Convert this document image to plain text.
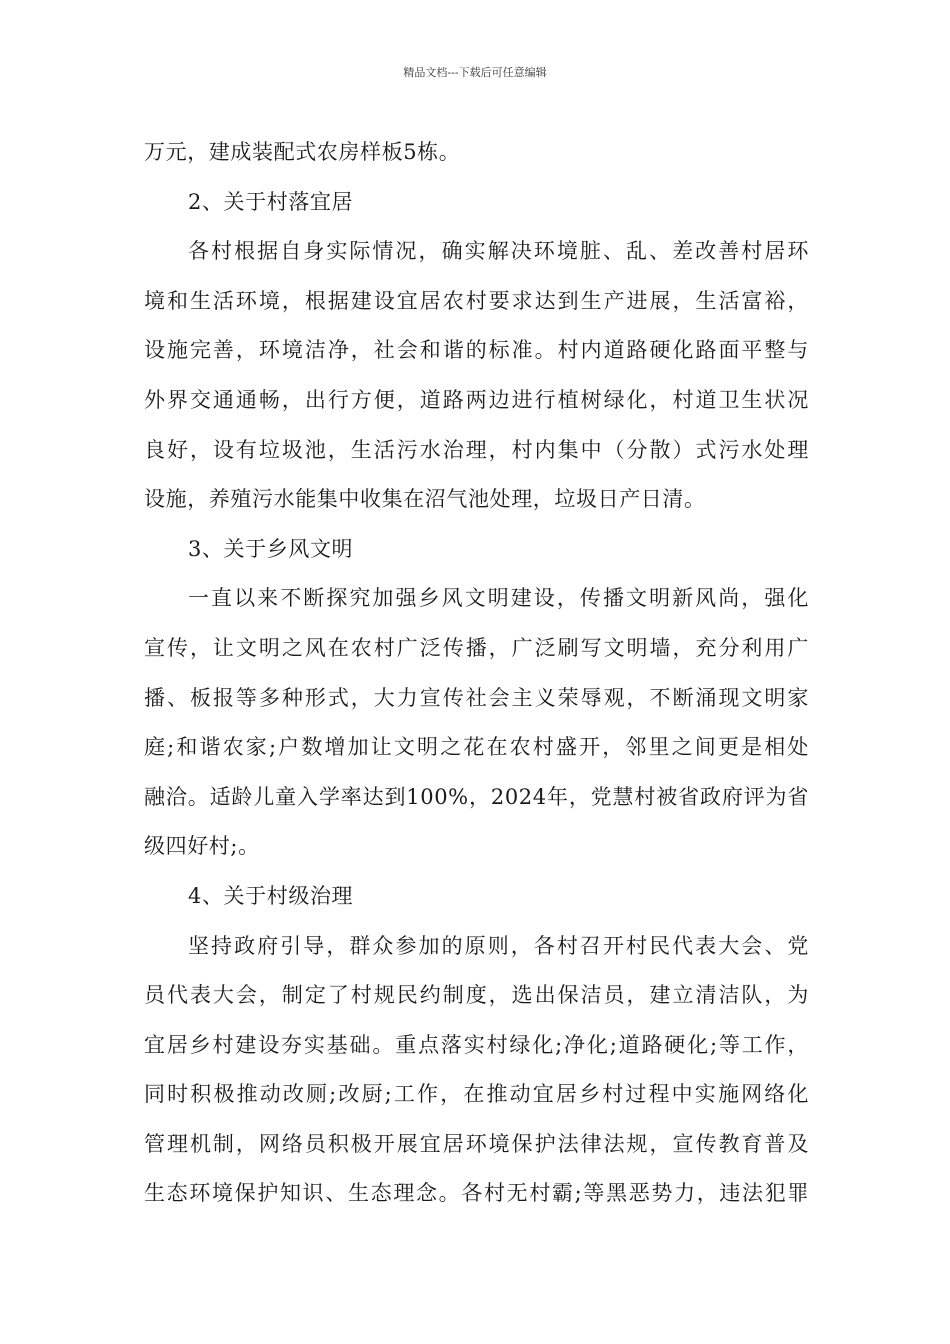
精品文档---下载后可任意编辑
万元，建成装配式农房样板5栋。
2、关于村落宜居
各村根据自身实际情况，确实解决环境脏、乱、差改善村居环
境和生活环境，根据建设宜居农村要求达到生产进展，生活富裕，
设施完善，环境洁净，社会和谐的标准。村内道路硬化路面平整与
外界交通通畅，出行方便，道路两边进行植树绿化，村道卫生状况
良好，设有垃圾池，生活污水治理，村内集中（分散）式污水处理
设施，养殖污水能集中收集在沼气池处理，垃圾日产日清。
3、关于乡风文明
一直以来不断探究加强乡风文明建设，传播文明新风尚，强化
宣传，让文明之风在农村广泛传播，广泛刷写文明墙，充分利用广
播、板报等多种形式，大力宣传社会主义荣辱观，不断涌现文明家
庭;和谐农家;户数增加让文明之花在农村盛开，邻里之间更是相处
融洽。适龄儿童入学率达到100%，2024年，党慧村被省政府评为省
级四好村;。
4、关于村级治理
坚持政府引导，群众参加的原则，各村召开村民代表大会、党
员代表大会，制定了村规民约制度，选出保洁员，建立清洁队，为
宜居乡村建设夯实基础。重点落实村绿化;净化;道路硬化;等工作，
同时积极推动改厕;改厨;工作，在推动宜居乡村过程中实施网络化
管理机制，网络员积极开展宜居环境保护法律法规，宣传教育普及
生态环境保护知识、生态理念。各村无村霸;等黑恶势力，违法犯罪
